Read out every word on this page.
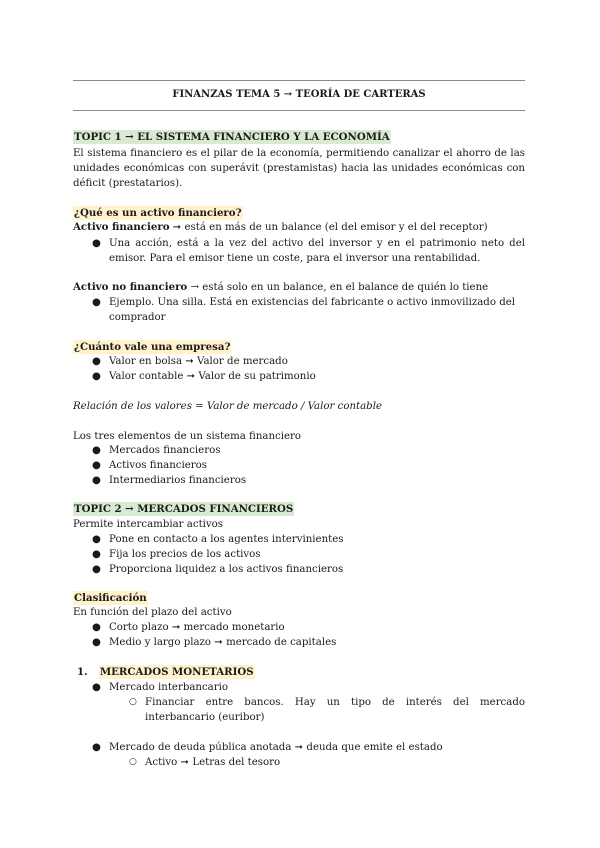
FINANZAS TEMA 5 → TEORÍA DE CARTERAS
TOPIC 1 → EL SISTEMA FINANCIERO Y LA ECONOMÍA
El sistema financiero es el pilar de la economía, permitiendo canalizar el ahorro de las unidades económicas con superávit (prestamistas) hacia las unidades económicas con déficit (prestatarios).
¿Qué es un activo financiero?
Activo financiero ➞ está en más de un balance (el del emisor y el del receptor)
● Una acción, está a la vez del activo del inversor y en el patrimonio neto del emisor. Para el emisor tiene un coste, para el inversor una rentabilidad.
Activo no financiero → está solo en un balance, en el balance de quién lo tiene
● Ejemplo. Una silla. Está en existencias del fabricante o activo inmovilizado del comprador
¿Cuánto vale una empresa?
● Valor en bolsa ➞ Valor de mercado
● Valor contable ➞ Valor de su patrimonio
Relación de los valores = Valor de mercado / Valor contable
Los tres elementos de un sistema financiero
● Mercados financieros
● Activos financieros
● Intermediarios financieros
TOPIC 2 → MERCADOS FINANCIEROS
Permite intercambiar activos
● Pone en contacto a los agentes intervinientes
● Fija los precios de los activos
● Proporciona liquidez a los activos financieros
Clasificación
En función del plazo del activo
● Corto plazo ➞ mercado monetario
● Medio y largo plazo ➞ mercado de capitales
1. MERCADOS MONETARIOS
● Mercado interbancario
○ Financiar entre bancos. Hay un tipo de interés del mercado interbancario (euribor)
● Mercado de deuda pública anotada ➞ deuda que emite el estado
○ Activo ➞ Letras del tesoro
